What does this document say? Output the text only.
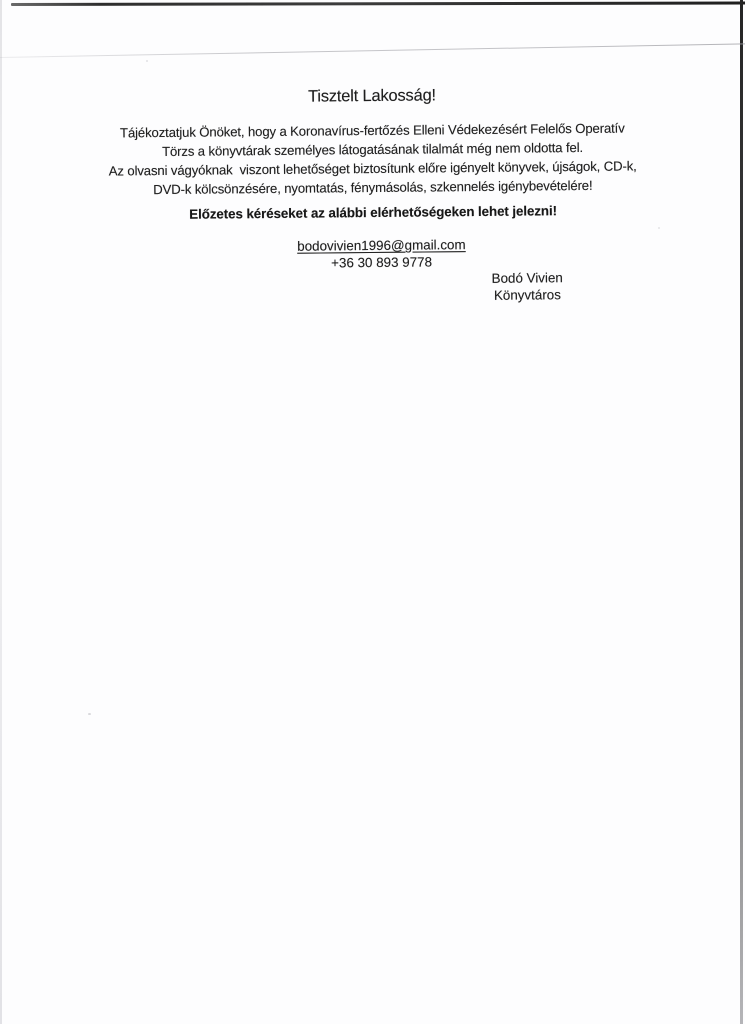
Tisztelt Lakosság!
Tájékoztatjuk Önöket, hogy a Koronavírus-fertőzés Elleni Védekezésért Felelős Operatív
Törzs a könyvtárak személyes látogatásának tilalmát még nem oldotta fel.
Az olvasni vágyóknak  viszont lehetőséget biztosítunk előre igényelt könyvek, újságok, CD-k,
DVD-k kölcsönzésére, nyomtatás, fénymásolás, szkennelés igénybevételére!
Előzetes kéréseket az alábbi elérhetőségeken lehet jelezni!
bodovivien1996@gmail.com
+36 30 893 9778
Bodó Vivien
Könyvtáros
